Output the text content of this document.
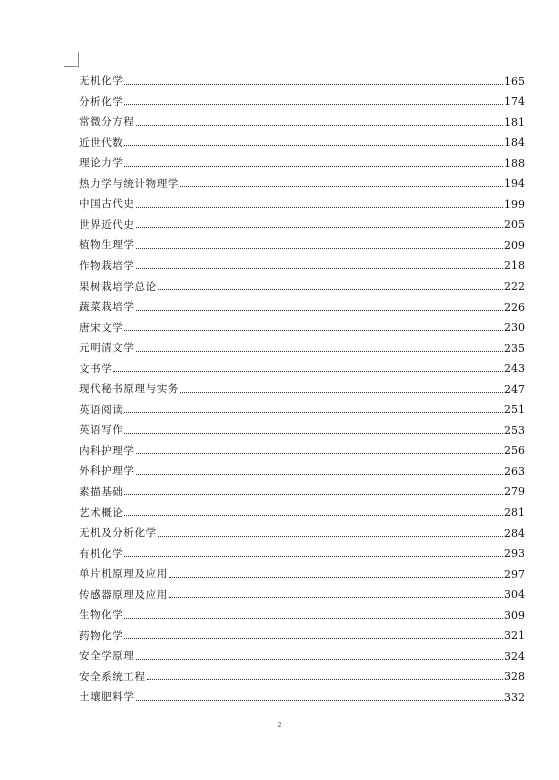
无机化学	165
分析化学	174
常微分方程	181
近世代数	184
理论力学	188
热力学与统计物理学	194
中国古代史	199
世界近代史	205
植物生理学	209
作物栽培学	218
果树栽培学总论	222
蔬菜栽培学	226
唐宋文学	230
元明清文学	235
文书学	243
现代秘书原理与实务	247
英语阅读	251
英语写作	253
内科护理学	256
外科护理学	263
素描基础	279
艺术概论	281
无机及分析化学	284
有机化学	293
单片机原理及应用	297
传感器原理及应用	304
生物化学	309
药物化学	321
安全学原理	324
安全系统工程	328
土壤肥料学	332
2
